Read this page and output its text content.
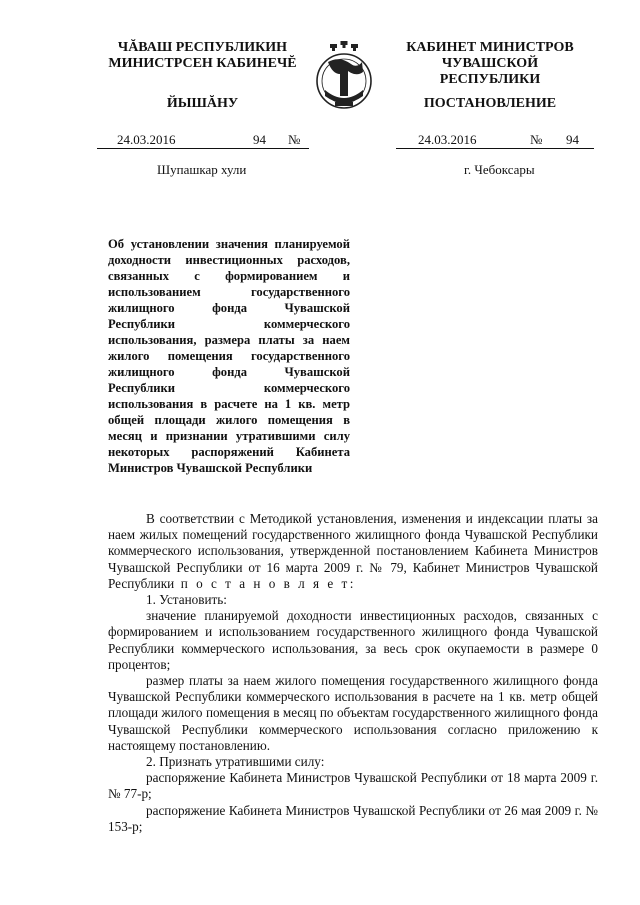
ЧĂВАШ РЕСПУБЛИКИН
МИНИСТРСЕН КАБИНЕЧĔ
ЙЫШĂНУ
КАБИНЕТ МИНИСТРОВ
ЧУВАШСКОЙ РЕСПУБЛИКИ
ПОСТАНОВЛЕНИЕ
24.03.2016	94 №
Шупашкар хули
24.03.2016	№ 94
г. Чебоксары
Об установлении значения планируемой доходности инвестиционных расходов, связанных с формированием и использованием государственного жилищного фонда Чувашской Республики коммерческого использования, размера платы за наем жилого помещения государственного жилищного фонда Чувашской Республики коммерческого использования в расчете на 1 кв. метр общей площади жилого помещения в месяц и признании утратившими силу некоторых распоряжений Кабинета Министров Чувашской Республики

В соответствии с Методикой установления, изменения и индексации платы за наем жилых помещений государственного жилищного фонда Чувашской Республики коммерческого использования, утвержденной постановлением Кабинета Министров Чувашской Республики от 16 марта 2009 г. № 79, Кабинет Министров Чувашской Республики п о с т а н о в л я е т:

1. Установить:

значение планируемой доходности инвестиционных расходов, связанных с формированием и использованием государственного жилищного фонда Чувашской Республики коммерческого использования, за весь срок окупаемости в размере 0 процентов;

размер платы за наем жилого помещения государственного жилищного фонда Чувашской Республики коммерческого использования в расчете на 1 кв. метр общей площади жилого помещения в месяц по объектам государственного жилищного фонда Чувашской Республики коммерческого использования согласно приложению к настоящему постановлению.

2. Признать утратившими силу:

распоряжение Кабинета Министров Чувашской Республики от 18 марта 2009 г. № 77-р;

распоряжение Кабинета Министров Чувашской Республики от 26 мая 2009 г. № 153-р;
